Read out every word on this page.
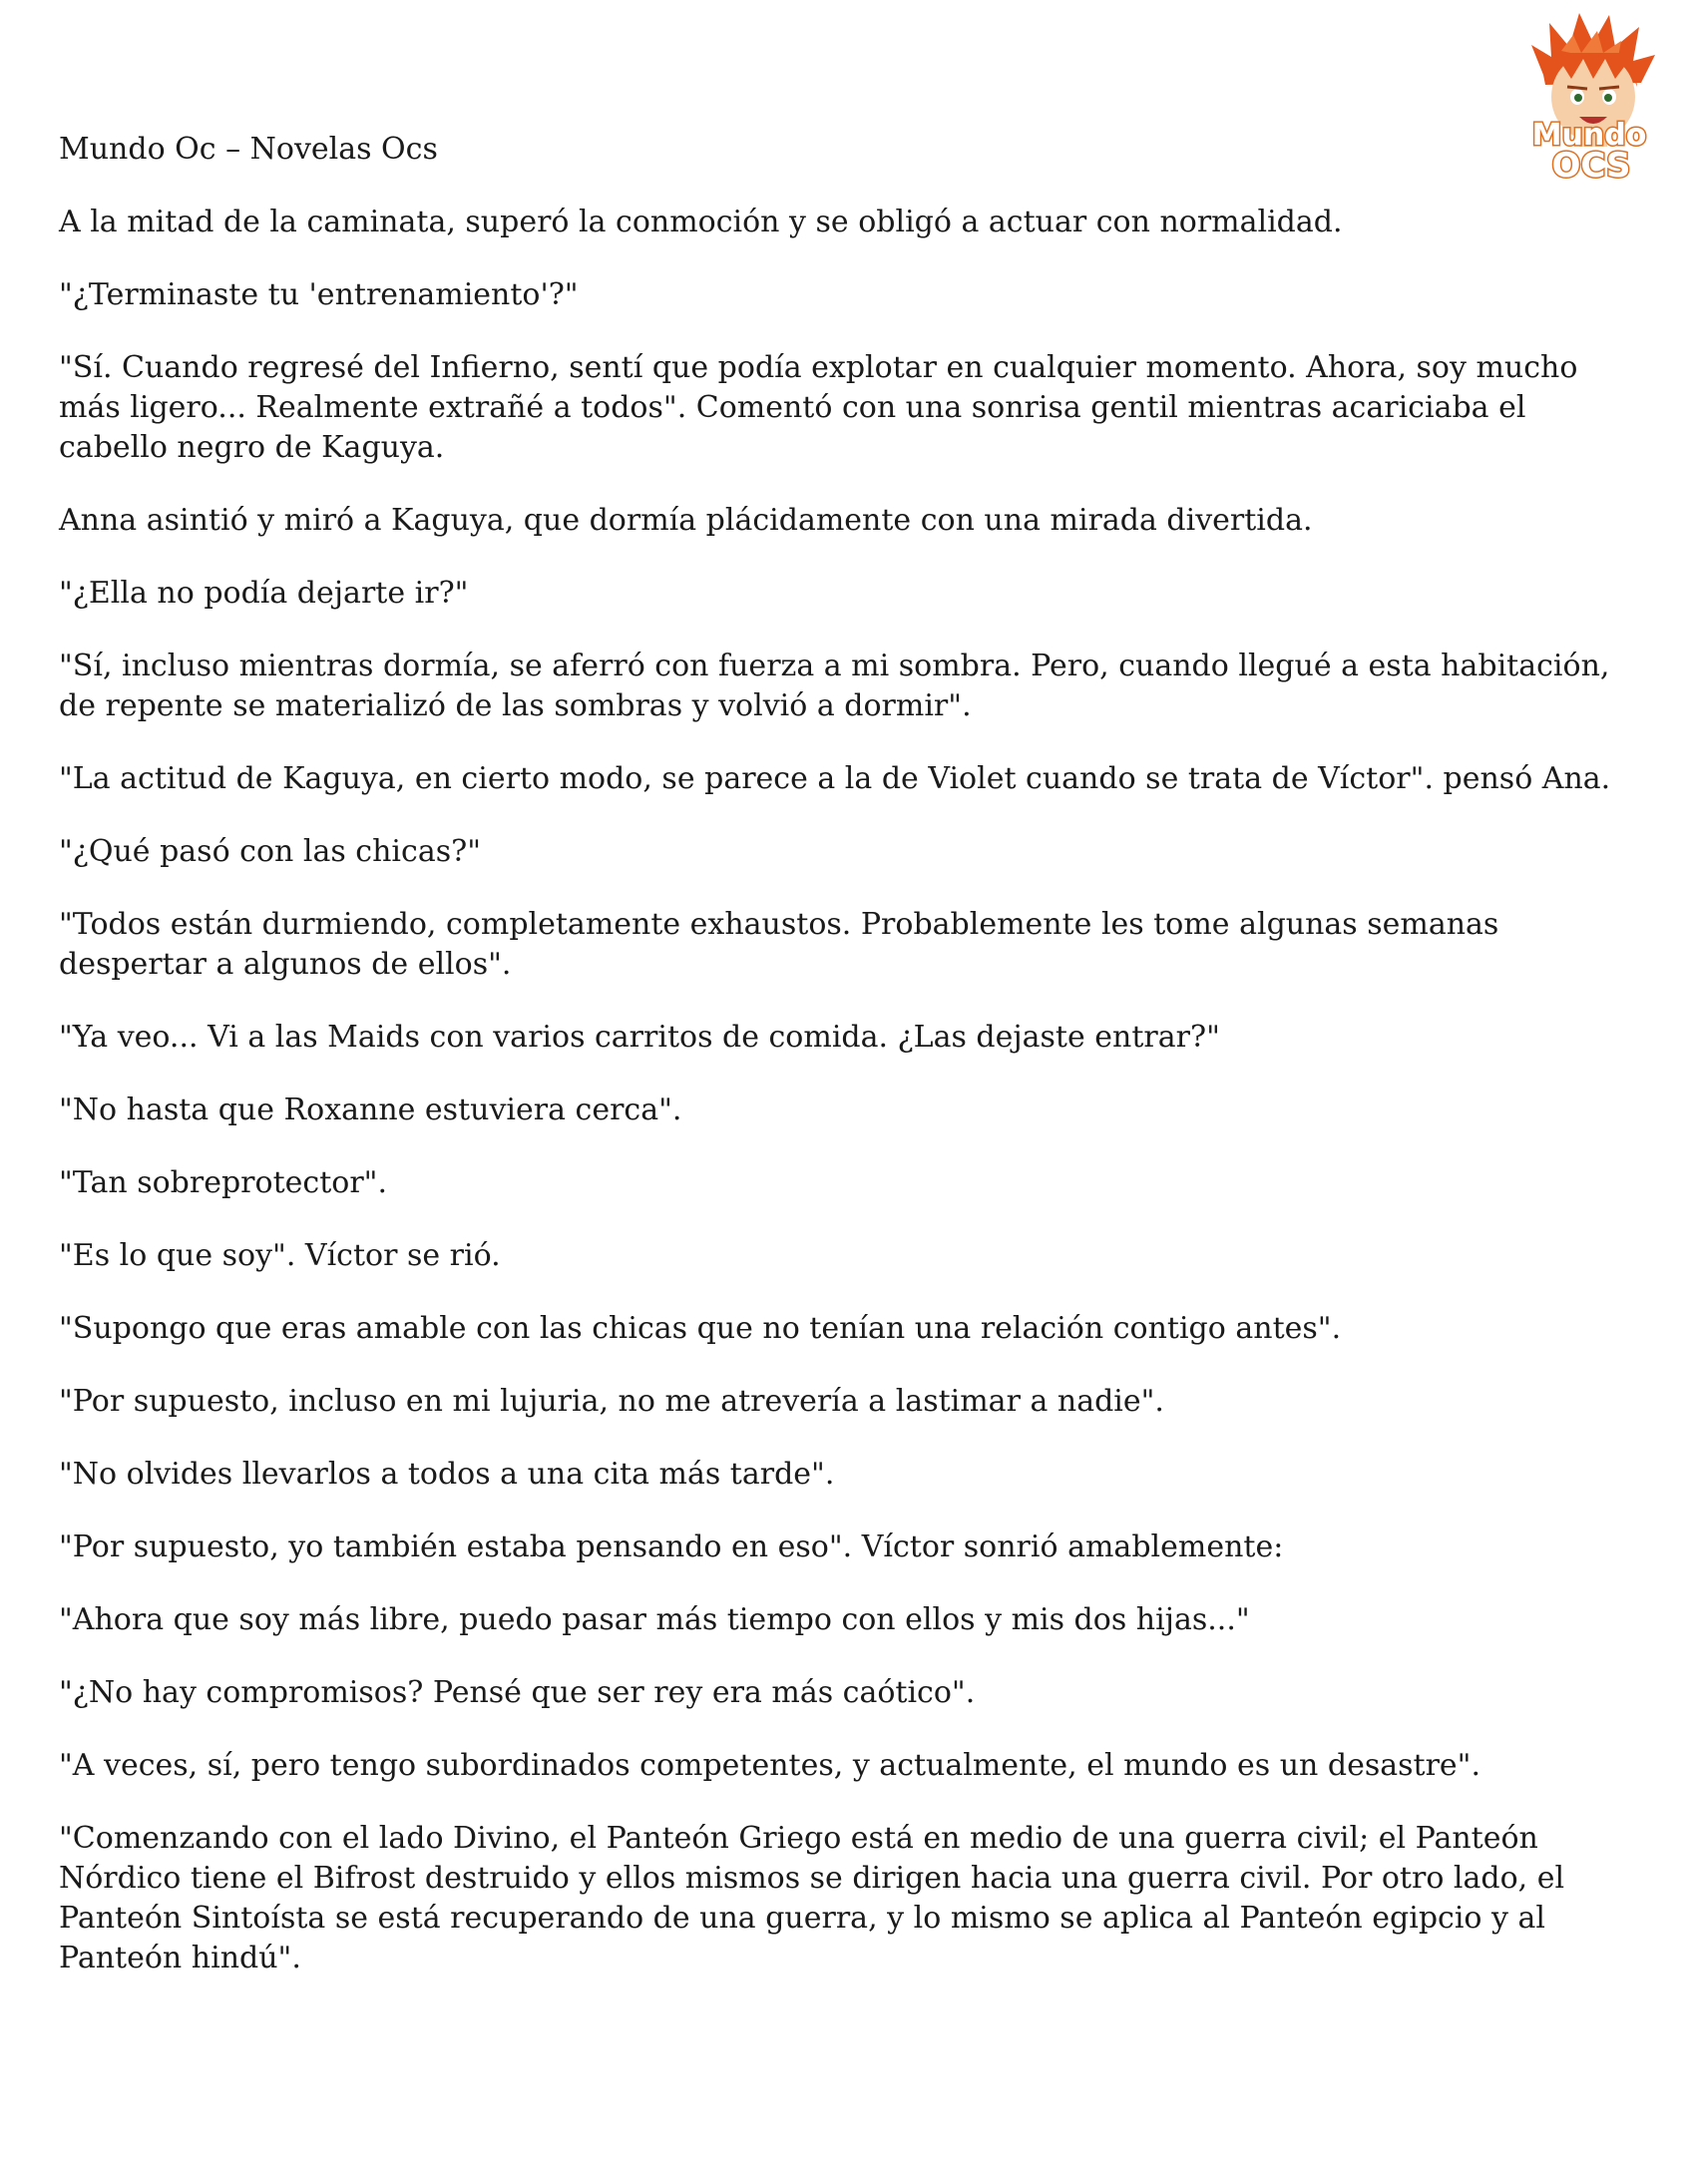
Mundo Oc – Novelas Ocs	Mundo
OCS

A la mitad de la caminata, superó la conmoción y se obligó a actuar con normalidad.

"¿Terminaste tu 'entrenamiento'?"

"Sí. Cuando regresé del Infierno, sentí que podía explotar en cualquier momento. Ahora, soy mucho más ligero... Realmente extrañé a todos". Comentó con una sonrisa gentil mientras acariciaba el cabello negro de Kaguya.

Anna asintió y miró a Kaguya, que dormía plácidamente con una mirada divertida.

"¿Ella no podía dejarte ir?"

"Sí, incluso mientras dormía, se aferró con fuerza a mi sombra. Pero, cuando llegué a esta habitación, de repente se materializó de las sombras y volvió a dormir".

"La actitud de Kaguya, en cierto modo, se parece a la de Violet cuando se trata de Víctor". pensó Ana.

"¿Qué pasó con las chicas?"

"Todos están durmiendo, completamente exhaustos. Probablemente les tome algunas semanas despertar a algunos de ellos".

"Ya veo... Vi a las Maids con varios carritos de comida. ¿Las dejaste entrar?"

"No hasta que Roxanne estuviera cerca".

"Tan sobreprotector".

"Es lo que soy". Víctor se rió.

"Supongo que eras amable con las chicas que no tenían una relación contigo antes".

"Por supuesto, incluso en mi lujuria, no me atrevería a lastimar a nadie".

"No olvides llevarlos a todos a una cita más tarde".

"Por supuesto, yo también estaba pensando en eso". Víctor sonrió amablemente:

"Ahora que soy más libre, puedo pasar más tiempo con ellos y mis dos hijas..."

"¿No hay compromisos? Pensé que ser rey era más caótico".

"A veces, sí, pero tengo subordinados competentes, y actualmente, el mundo es un desastre".

"Comenzando con el lado Divino, el Panteón Griego está en medio de una guerra civil; el Panteón Nórdico tiene el Bifrost destruido y ellos mismos se dirigen hacia una guerra civil. Por otro lado, el Panteón Sintoísta se está recuperando de una guerra, y lo mismo se aplica al Panteón egipcio y al Panteón hindú".
